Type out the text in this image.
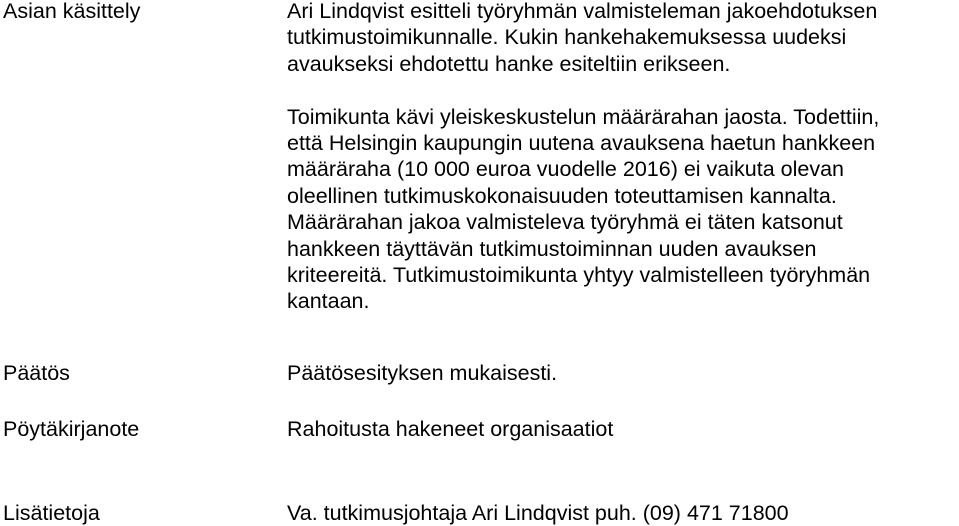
Asian käsittely	Ari Lindqvist esitteli työryhmän valmisteleman jakoehdotuksen
tutkimustoimikunnalle. Kukin hankehakemuksessa uudeksi
avaukseksi ehdotettu hanke esiteltiin erikseen.
Toimikunta kävi yleiskeskustelun määrärahan jaosta. Todettiin,
että Helsingin kaupungin uutena avauksena haetun hankkeen
määräraha (10 000 euroa vuodelle 2016) ei vaikuta olevan
oleellinen tutkimuskokonaisuuden toteuttamisen kannalta.
Määrärahan jakoa valmisteleva työryhmä ei täten katsonut
hankkeen täyttävän tutkimustoiminnan uuden avauksen
kriteereitä. Tutkimustoimikunta yhtyy valmistelleen työryhmän
kantaan.
Päätös	Päätösesityksen mukaisesti.
Pöytäkirjanote	Rahoitusta hakeneet organisaatiot
Lisätietoja	Va. tutkimusjohtaja Ari Lindqvist puh. (09) 471 71800
